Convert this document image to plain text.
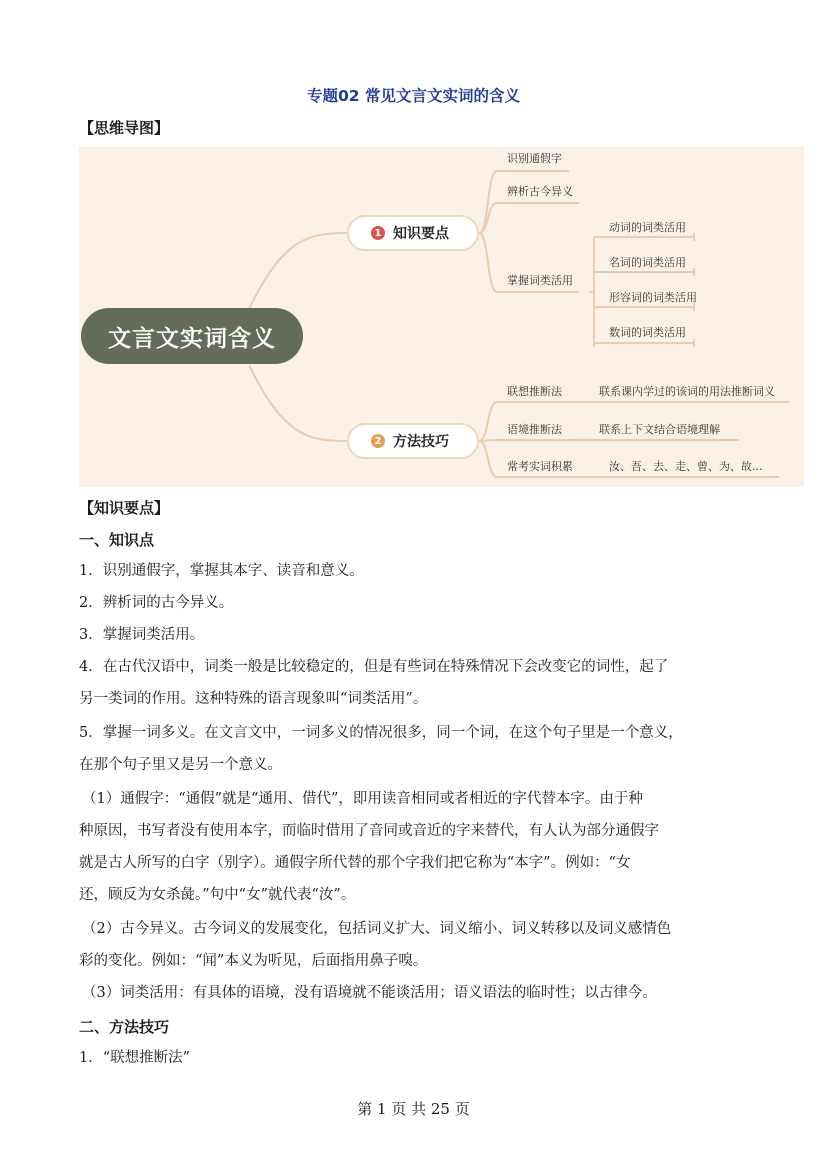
专题02 常见文言文实词的含义
【思维导图】
文言文实词含义
1 知识要点
2 方法技巧
识别通假字
辨析古今异义
掌握词类活用
动词的词类活用
名词的词类活用
形容词的词类活用
数词的词类活用
联想推断法
语境推断法
常考实词积累
联系课内学过的该词的用法推断词义
联系上下文结合语境理解
汝、吾、去、走、曾、为、故...
【知识要点】
一、知识点
1．识别通假字，掌握其本字、读音和意义。
2．辨析词的古今异义。
3．掌握词类活用。
4．在古代汉语中，词类一般是比较稳定的，但是有些词在特殊情况下会改变它的词性，起了
另一类词的作用。这种特殊的语言现象叫“词类活用”。
5．掌握一词多义。在文言文中，一词多义的情况很多，同一个词，在这个句子里是一个意义，
在那个句子里又是另一个意义。
（1）通假字：“通假”就是“通用、借代”，即用读音相同或者相近的字代替本字。由于种
种原因，书写者没有使用本字，而临时借用了音同或音近的字来替代，有人认为部分通假字
就是古人所写的白字（别字）。通假字所代替的那个字我们把它称为“本字”。例如：“女
还，顾反为女杀彘。”句中“女”就代表“汝”。
（2）古今异义。古今词义的发展变化，包括词义扩大、词义缩小、词义转移以及词义感情色
彩的变化。例如：“闻”本义为听见，后面指用鼻子嗅。
（3）词类活用：有具体的语境，没有语境就不能谈活用；语义语法的临时性；以古律今。
二、方法技巧
1．“联想推断法”
第 1 页 共 25 页
